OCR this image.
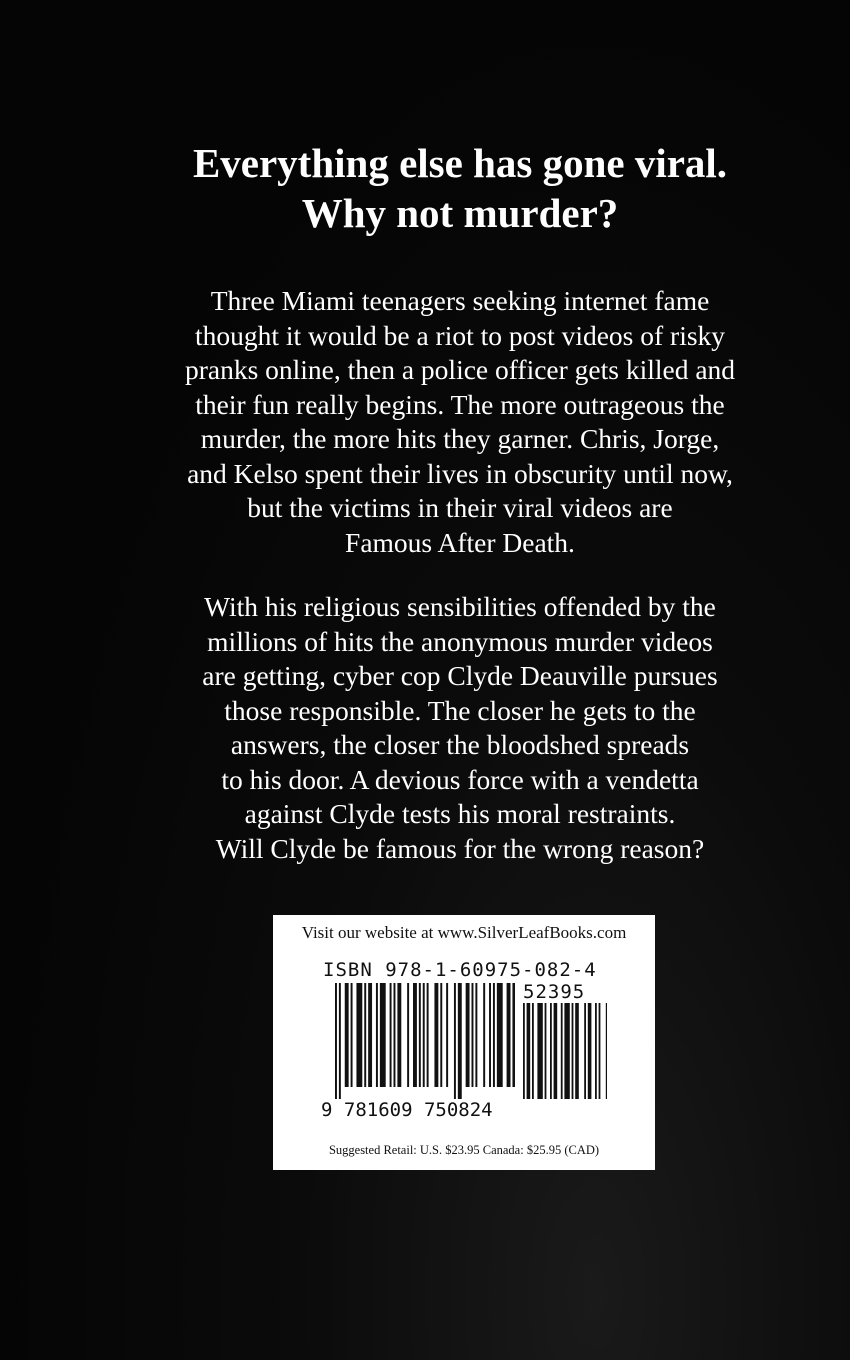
Everything else has gone viral.
Why not murder?

Three Miami teenagers seeking internet fame
thought it would be a riot to post videos of risky
pranks online, then a police officer gets killed and
their fun really begins. The more outrageous the
murder, the more hits they garner. Chris, Jorge,
and Kelso spent their lives in obscurity until now,
but the victims in their viral videos are
Famous After Death.

With his religious sensibilities offended by the
millions of hits the anonymous murder videos
are getting, cyber cop Clyde Deauville pursues
those responsible. The closer he gets to the
answers, the closer the bloodshed spreads
to his door. A devious force with a vendetta
against Clyde tests his moral restraints.
Will Clyde be famous for the wrong reason?

Visit our website at www.SilverLeafBooks.com
ISBN 978-1-60975-082-4
52395
9 781609 750824
Suggested Retail: U.S. $23.95 Canada: $25.95 (CAD)
